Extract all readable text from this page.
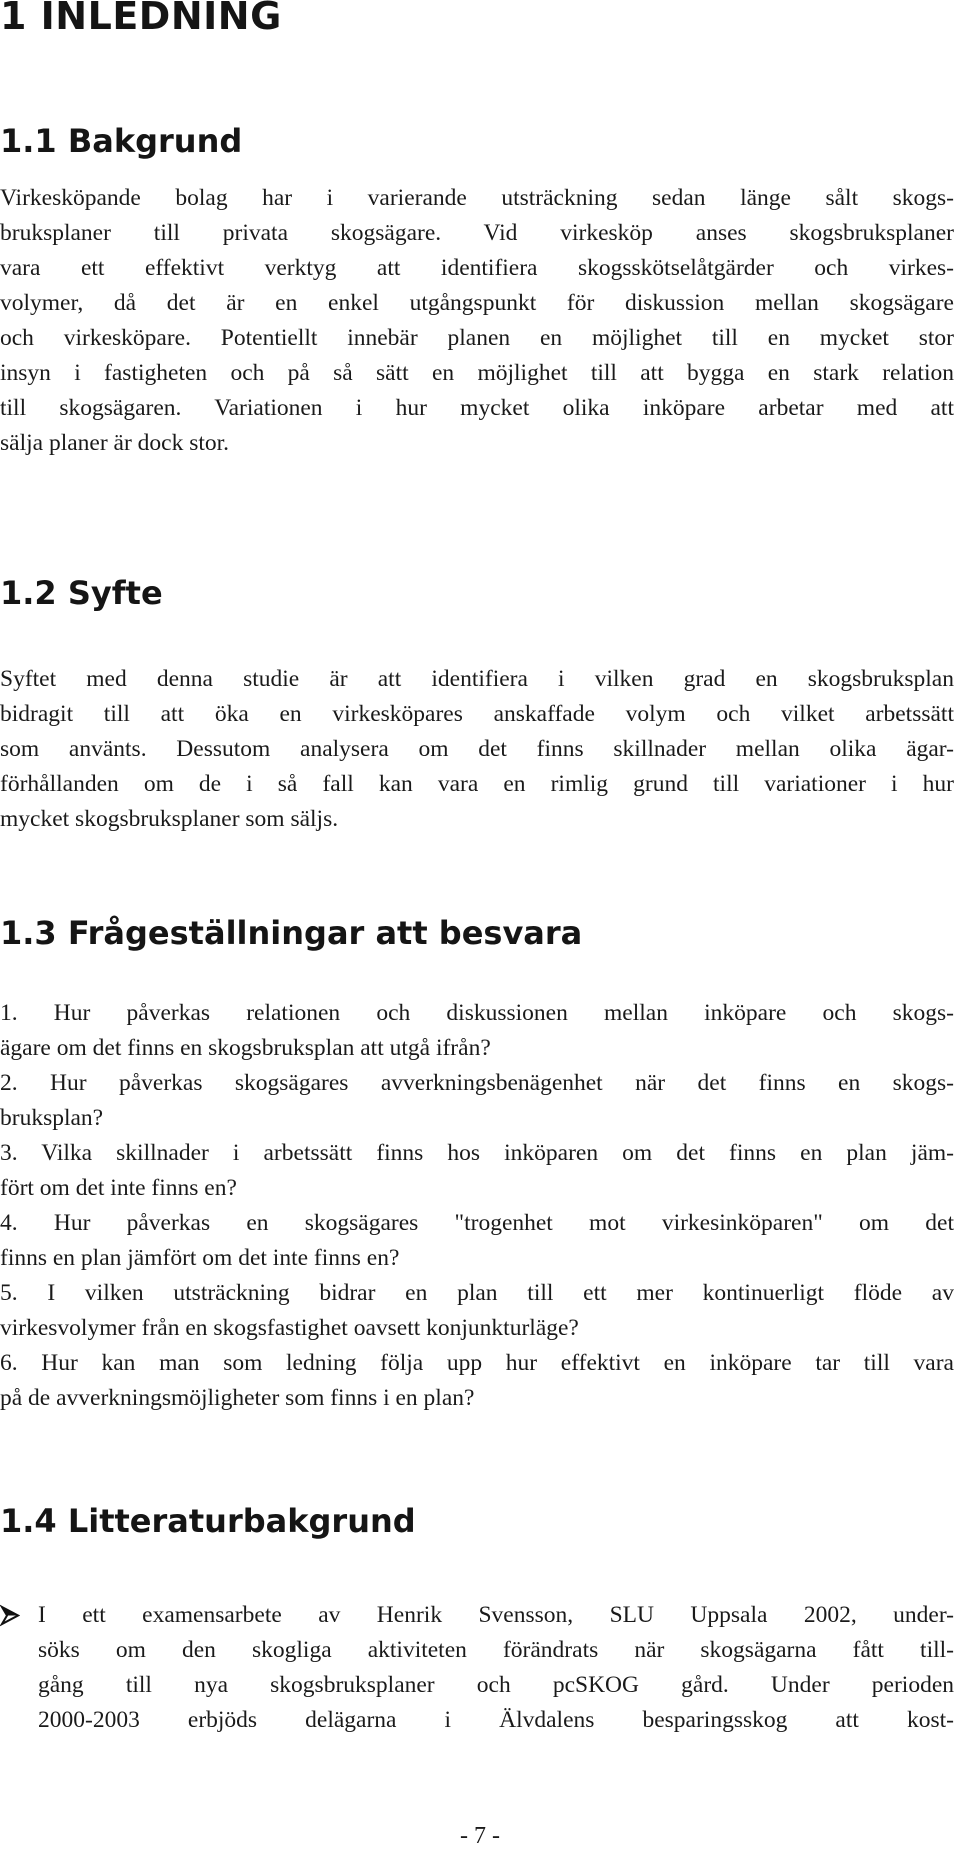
1 INLEDNING
1.1 Bakgrund
Virkesköpande bolag har i varierande utsträckning sedan länge sålt skogs-
bruksplaner till privata skogsägare. Vid virkesköp anses skogsbruksplaner
vara ett effektivt verktyg att identifiera skogsskötselåtgärder och virkes-
volymer, då det är en enkel utgångspunkt för diskussion mellan skogsägare
och virkesköpare. Potentiellt innebär planen en möjlighet till en mycket stor
insyn i fastigheten och på så sätt en möjlighet till att bygga en stark relation
till skogsägaren. Variationen i hur mycket olika inköpare arbetar med att
sälja planer är dock stor.
1.2 Syfte
Syftet med denna studie är att identifiera i vilken grad en skogsbruksplan
bidragit till att öka en virkesköpares anskaffade volym och vilket arbetssätt
som använts. Dessutom analysera om det finns skillnader mellan olika ägar-
förhållanden om de i så fall kan vara en rimlig grund till variationer i hur
mycket skogsbruksplaner som säljs.
1.3 Frågeställningar att besvara
1. Hur påverkas relationen och diskussionen mellan inköpare och skogs-
ägare om det finns en skogsbruksplan att utgå ifrån?
2. Hur påverkas skogsägares avverkningsbenägenhet när det finns en skogs-
bruksplan?
3. Vilka skillnader i arbetssätt finns hos inköparen om det finns en plan jäm-
fört om det inte finns en?
4. Hur påverkas en skogsägares "trogenhet mot virkesinköparen" om det
finns en plan jämfört om det inte finns en?
5. I vilken utsträckning bidrar en plan till ett mer kontinuerligt flöde av
virkesvolymer från en skogsfastighet oavsett konjunkturläge?
6. Hur kan man som ledning följa upp hur effektivt en inköpare tar till vara
på de avverkningsmöjligheter som finns i en plan?
1.4 Litteraturbakgrund
I ett examensarbete av Henrik Svensson, SLU Uppsala 2002, under-
söks om den skogliga aktiviteten förändrats när skogsägarna fått till-
gång till nya skogsbruksplaner och pcSKOG gård. Under perioden
2000-2003 erbjöds delägarna i Älvdalens besparingsskog att kost-
- 7 -
